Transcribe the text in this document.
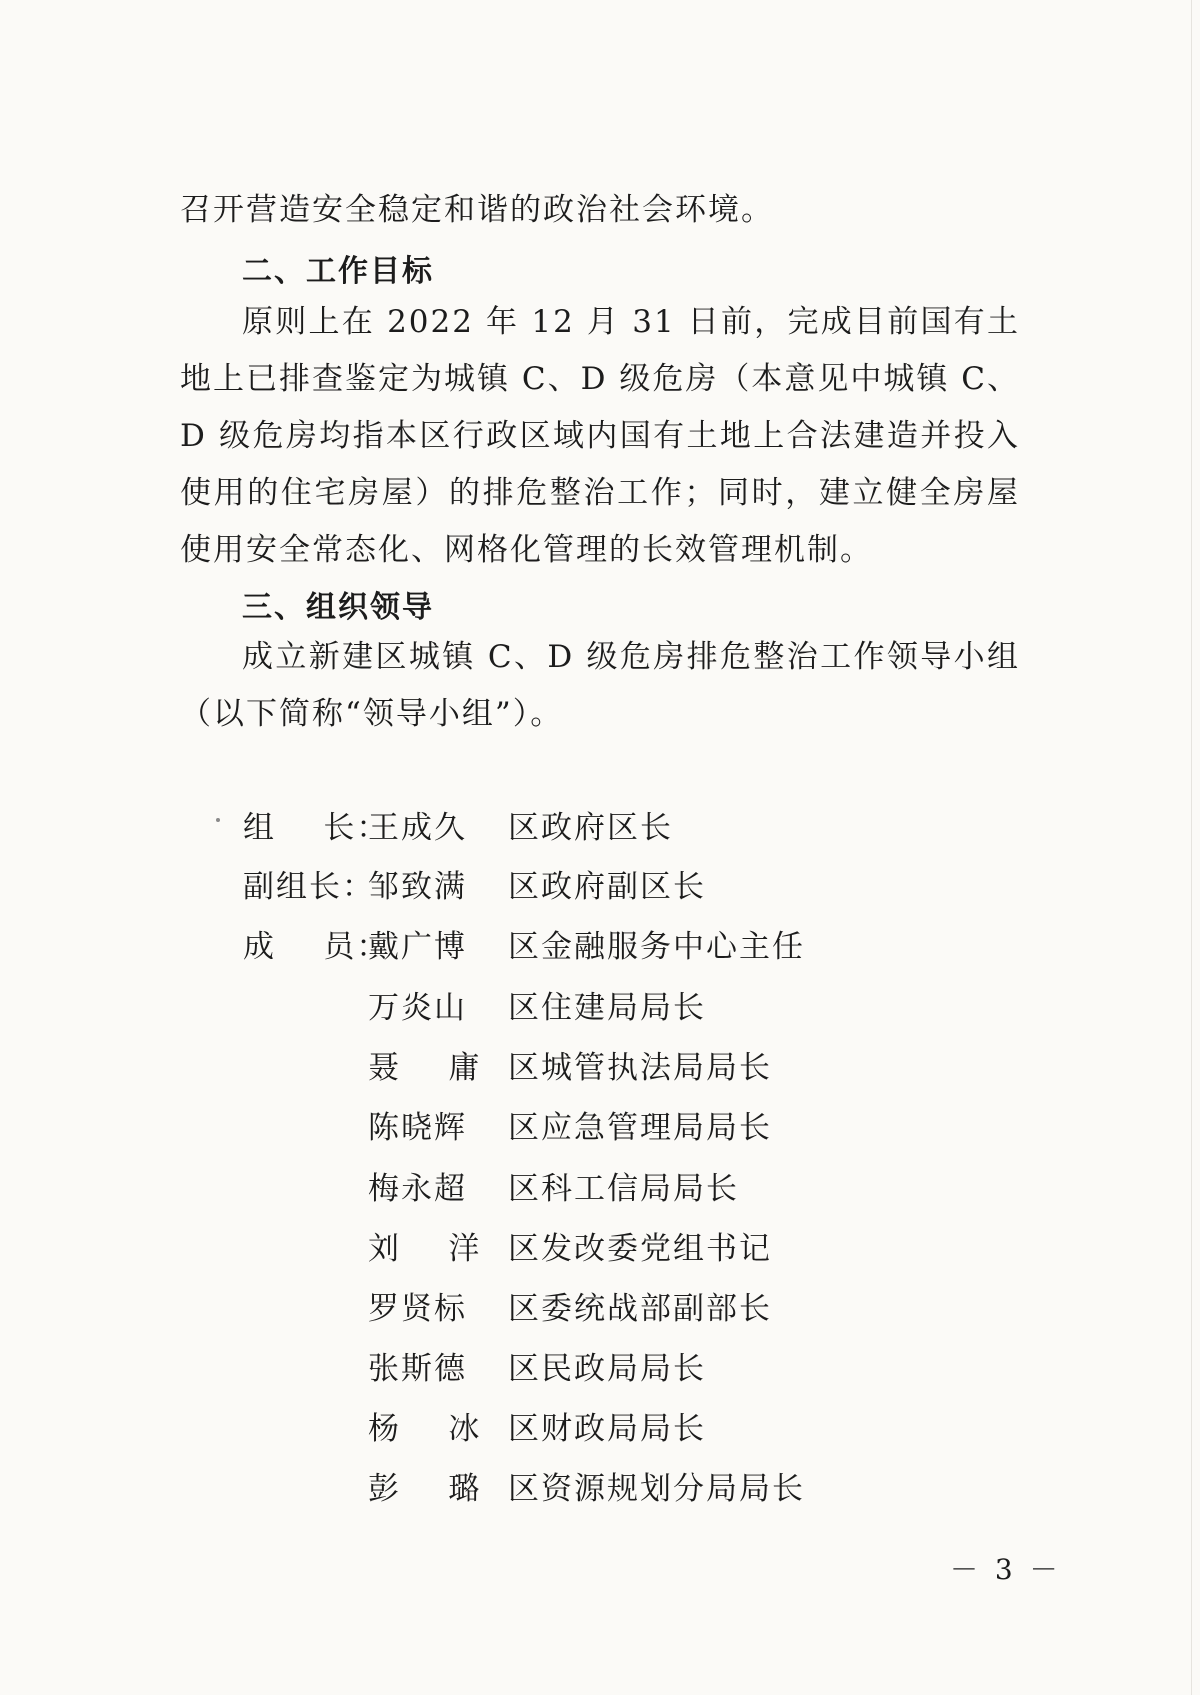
召开营造安全稳定和谐的政治社会环境。

二、工作目标

原则上在 2022 年 12 月 31 日前，完成目前国有土地上已排查鉴定为城镇 C、D 级危房（本意见中城镇 C、D 级危房均指本区行政区域内国有土地上合法建造并投入使用的住宅房屋）的排危整治工作；同时，建立健全房屋使用安全常态化、网格化管理的长效管理机制。

三、组织领导

成立新建区城镇 C、D 级危房排危整治工作领导小组（以下简称“领导小组”）。

组    长：
王成久	区政府区长
副组长：
邹致满	区政府副区长
成    员：
戴广博	区金融服务中心主任
万炎山	区住建局局长
聂    庸 区城管执法局局长
陈晓辉	区应急管理局局长
梅永超	区科工信局局长
刘    洋 区发改委党组书记
罗贤标	区委统战部副部长
张斯德	区民政局局长
杨    冰 区财政局局长
彭    璐 区资源规划分局局长
－ 3 －
